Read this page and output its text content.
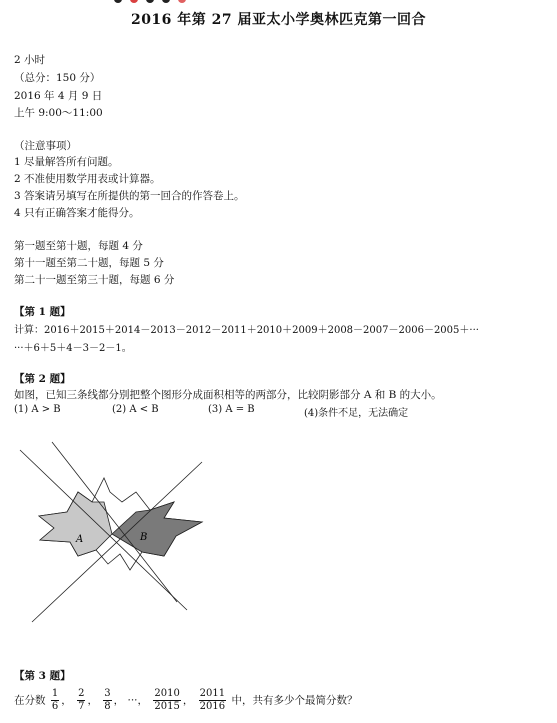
2016 年第 27 届亚太小学奥林匹克第一回合
2 小时
（总分：150 分）
2016 年 4 月 9 日
上午 9:00～11:00
（注意事项）
1 尽量解答所有问题。
2 不准使用数学用表或计算器。
3 答案请另填写在所提供的第一回合的作答卷上。
4 只有正确答案才能得分。
第一题至第十题，每题 4 分
第十一题至第二十题，每题 5 分
第二十一题至第三十题，每题 6 分
【第 1 题】
计算：2016＋2015＋2014－2013－2012－2011＋2010＋2009＋2008－2007－2006－2005＋···
···＋6＋5＋4－3－2－1。
【第 2 题】
如图，已知三条线都分别把整个图形分成面积相等的两部分，比较阴影部分 A 和 B 的大小。
(1) A > B	(2) A < B	(3) A = B	(4)条件不足，无法确定
A	B
【第 3 题】
在分数 $\frac{1}{6}$ ， $\frac{2}{7}$ ， $\frac{3}{8}$ ， ···， $\frac{2010}{2015}$ ， $\frac{2011}{2016}$ 中，共有多少个最简分数？
